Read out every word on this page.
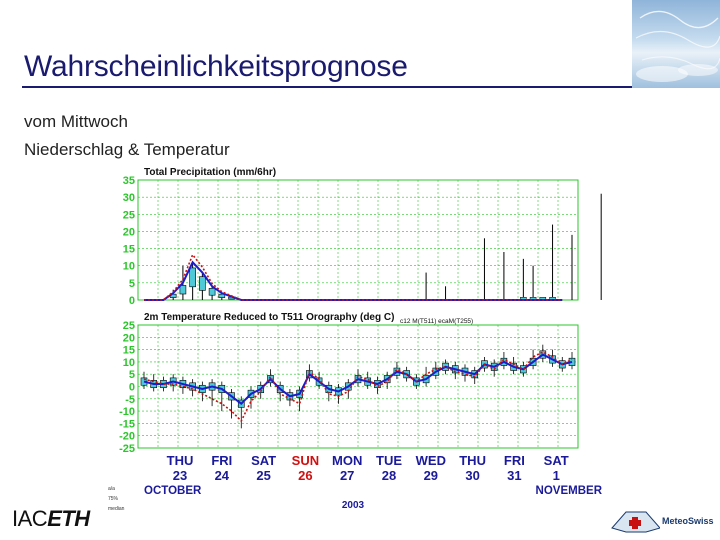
Wahrscheinlichkeitsprognose
vom Mittwoch
Niederschlag & Temperatur
35
30
25
20
15
10
5
0
Total Precipitation (mm/6hr)
25
20
15
10
5
0
-5
-10
-15
-20
-25
2m Temperature Reduced to T511 Orography (deg C) c12 M(T511) ecaM(T255)
THU
23
FRI
24
SAT
25
SUN
26
MON
27
TUE
28
WED
29
THU
30
FRI
31
SAT
1
OCTOBER	NOVEMBER
2003
a/a
75%
median
IACETH	MeteoSwiss
